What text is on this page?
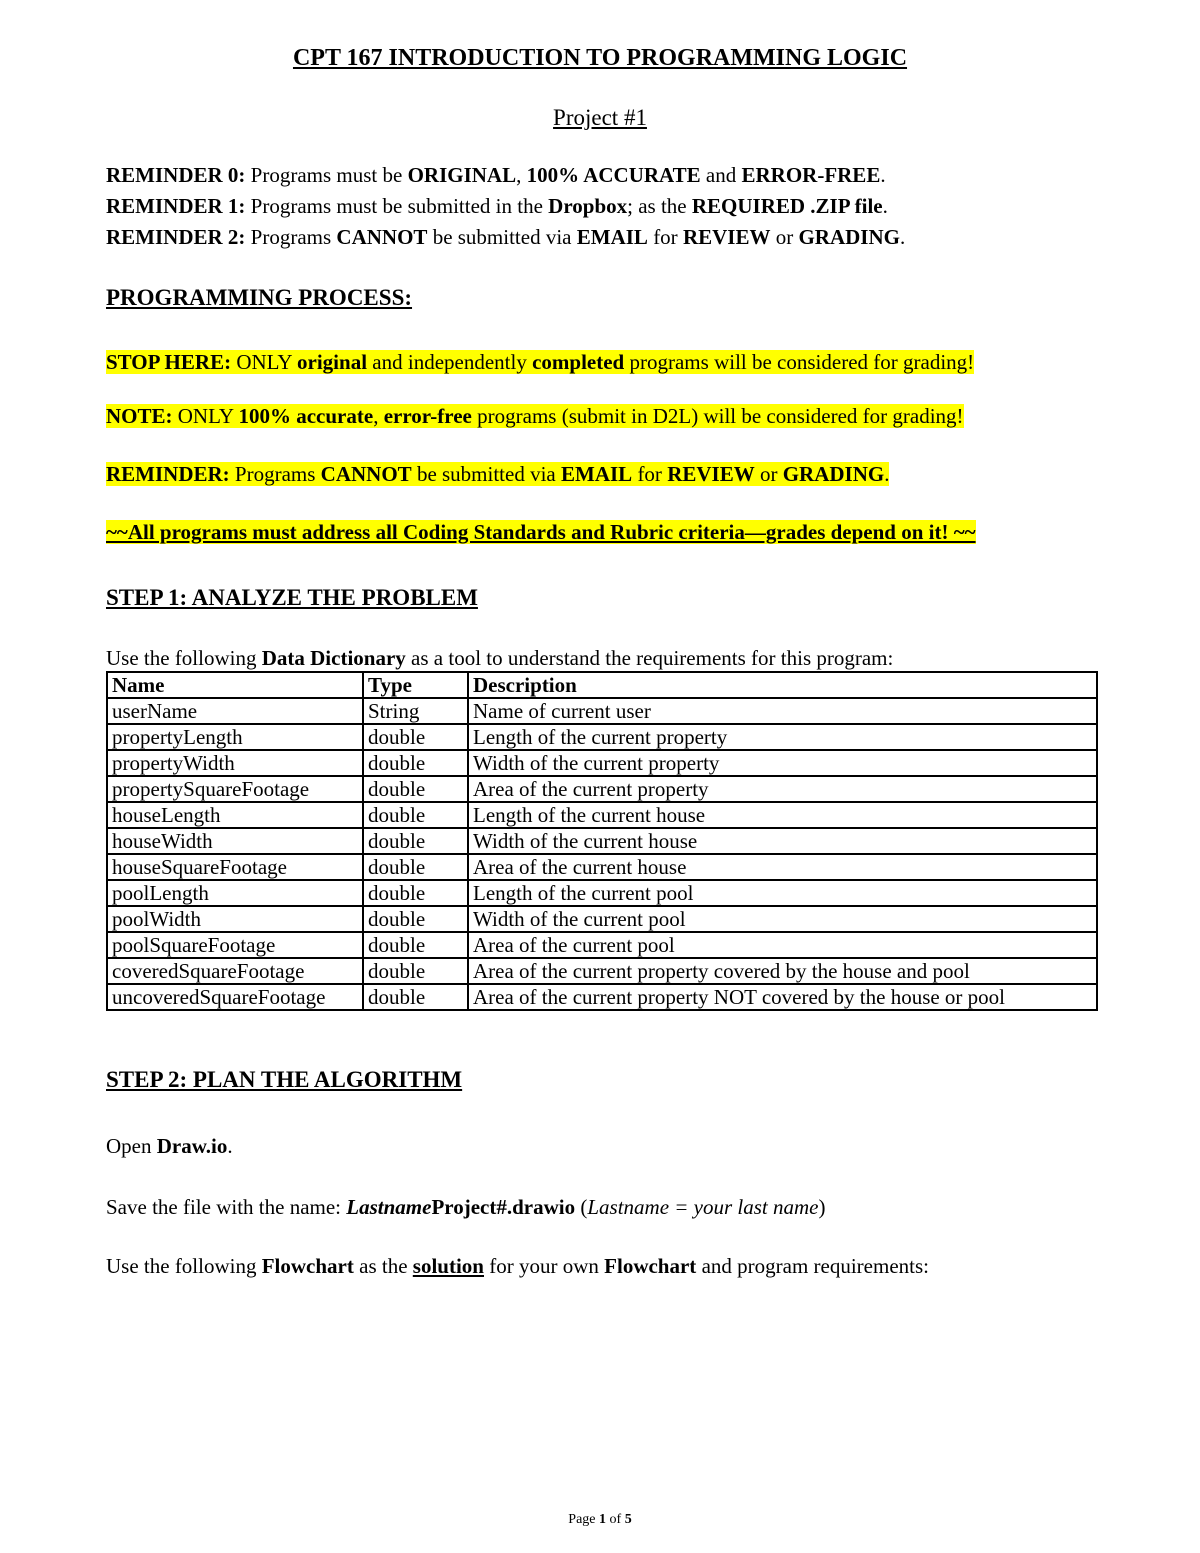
CPT 167 INTRODUCTION TO PROGRAMMING LOGIC
Project #1
REMINDER 0: Programs must be ORIGINAL, 100% ACCURATE and ERROR-FREE.
REMINDER 1: Programs must be submitted in the Dropbox; as the REQUIRED .ZIP file.
REMINDER 2: Programs CANNOT be submitted via EMAIL for REVIEW or GRADING.
PROGRAMMING PROCESS:
STOP HERE: ONLY original and independently completed programs will be considered for grading!
NOTE: ONLY 100% accurate, error-free programs (submit in D2L) will be considered for grading!
REMINDER: Programs CANNOT be submitted via EMAIL for REVIEW or GRADING.
~~All programs must address all Coding Standards and Rubric criteria—grades depend on it! ~~
STEP 1: ANALYZE THE PROBLEM
Use the following Data Dictionary as a tool to understand the requirements for this program:
Name	Type	Description
userName	String	Name of current user
propertyLength	double	Length of the current property
propertyWidth	double	Width of the current property
propertySquareFootage	double	Area of the current property
houseLength	double	Length of the current house
houseWidth	double	Width of the current house
houseSquareFootage	double	Area of the current house
poolLength	double	Length of the current pool
poolWidth	double	Width of the current pool
poolSquareFootage	double	Area of the current pool
coveredSquareFootage	double	Area of the current property covered by the house and pool
uncoveredSquareFootage	double	Area of the current property NOT covered by the house or pool
STEP 2: PLAN THE ALGORITHM
Open Draw.io.
Save the file with the name: LastnameProject#.drawio (Lastname = your last name)
Use the following Flowchart as the solution for your own Flowchart and program requirements:
Page 1 of 5
